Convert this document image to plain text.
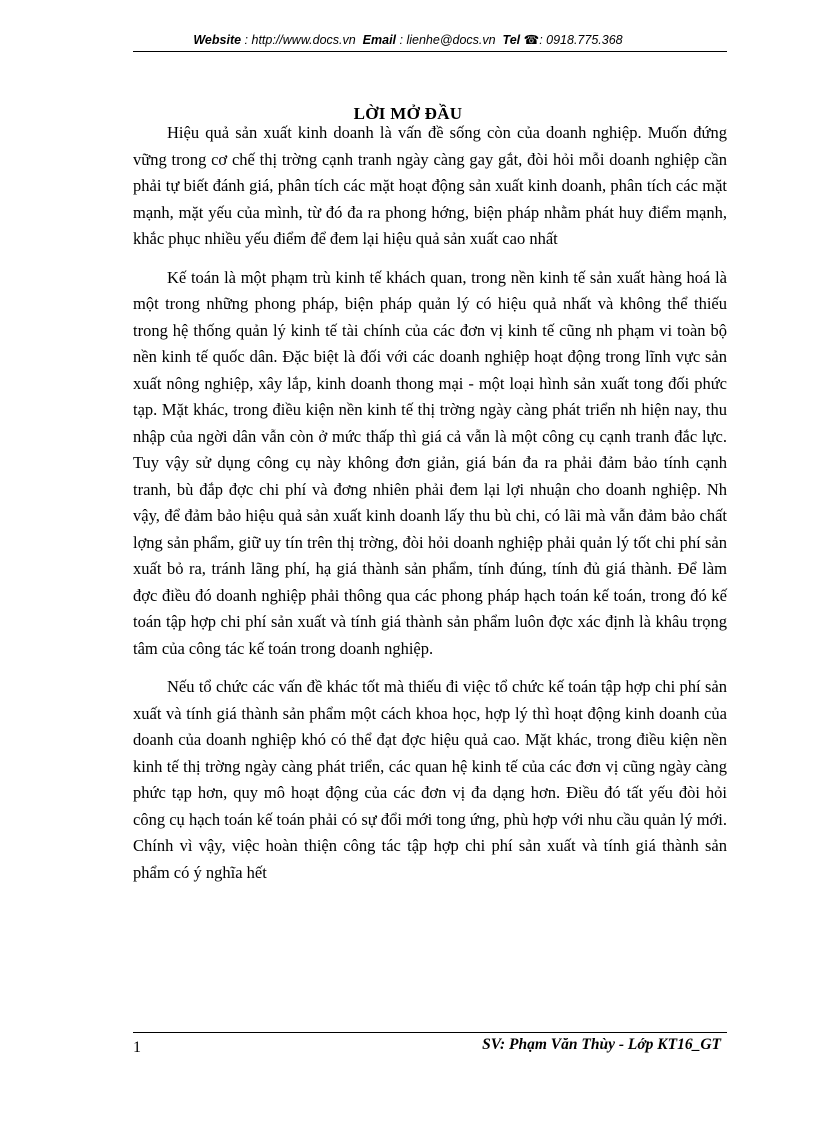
Website : http://www.docs.vn Email : lienhe@docs.vn Tel ☎: 0918.775.368
LỜI MỞ ĐẦU

Hiệu quả sản xuất kinh doanh là vấn đề sống còn của doanh nghiệp. Muốn đứng vững trong cơ chế thị trờng cạnh tranh ngày càng gay gắt, đòi hỏi mỗi doanh nghiệp cần phải tự biết đánh giá, phân tích các mặt hoạt động sản xuất kinh doanh, phân tích các mặt mạnh, mặt yếu của mình, từ đó đa ra phong hớng, biện pháp nhằm phát huy điểm mạnh, khắc phục nhiều yếu điểm để đem lại hiệu quả sản xuất cao nhất

Kế toán là một phạm trù kinh tế khách quan, trong nền kinh tế sản xuất hàng hoá là một trong những phong pháp, biện pháp quản lý có hiệu quả nhất và không thể thiếu trong hệ thống quản lý kinh tế tài chính của các đơn vị kinh tế cũng nh phạm vi toàn bộ nền kinh tế quốc dân. Đặc biệt là đối với các doanh nghiệp hoạt động trong lĩnh vực sản xuất nông nghiệp, xây lắp, kinh doanh thong mại - một loại hình sản xuất tong đối phức tạp. Mặt khác, trong điều kiện nền kinh tế thị trờng ngày càng phát triển nh hiện nay, thu nhập của ngời dân vẫn còn ở mức thấp thì giá cả vẫn là một công cụ cạnh tranh đắc lực. Tuy vậy sử dụng công cụ này không đơn giản, giá bán đa ra phải đảm bảo tính cạnh tranh, bù đắp đợc chi phí và đơng nhiên phải đem lại lợi nhuận cho doanh nghiệp. Nh vậy, để đảm bảo hiệu quả sản xuất kinh doanh lấy thu bù chi, có lãi mà vẫn đảm bảo chất lợng sản phẩm, giữ uy tín trên thị trờng, đòi hỏi doanh nghiệp phải quản lý tốt chi phí sản xuất bỏ ra, tránh lãng phí, hạ giá thành sản phẩm, tính đúng, tính đủ giá thành. Để làm đợc điều đó doanh nghiệp phải thông qua các phong pháp hạch toán kế toán, trong đó kế toán tập hợp chi phí sản xuất và tính giá thành sản phẩm luôn đợc xác định là khâu trọng tâm của công tác kế toán trong doanh nghiệp.

Nếu tổ chức các vấn đề khác tốt mà thiếu đi việc tổ chức kế toán tập hợp chi phí sản xuất và tính giá thành sản phẩm một cách khoa học, hợp lý thì hoạt động kinh doanh của doanh của doanh nghiệp khó có thể đạt đợc hiệu quả cao. Mặt khác, trong điều kiện nền kinh tế thị trờng ngày càng phát triển, các quan hệ kinh tế của các đơn vị cũng ngày càng phức tạp hơn, quy mô hoạt động của các đơn vị đa dạng hơn. Điều đó tất yếu đòi hỏi công cụ hạch toán kế toán phải có sự đổi mới tong ứng, phù hợp với nhu cầu quản lý mới. Chính vì vậy, việc hoàn thiện công tác tập hợp chi phí sản xuất và tính giá thành sản phẩm có ý nghĩa hết

1	SV: Phạm Văn Thùy - Lớp KT16_GT
